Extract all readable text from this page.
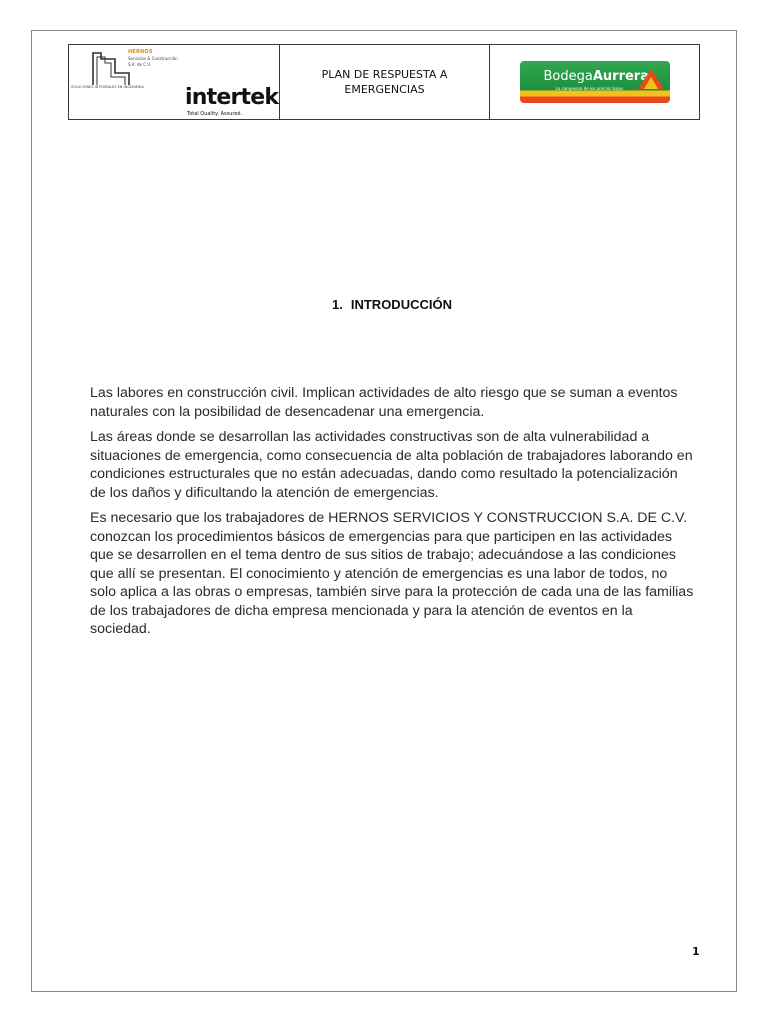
HERNOS
Servicios & Construcción S.A. de C.V.
SOLUCIONES INTEGRALES EN INGENIERIA intertek
Total Quality. Assured.
PLAN DE RESPUESTA A EMERGENCIAS
BodegaAurrera
La campeona de los precios bajos
1. INTRODUCCIÓN

Las labores en construcción civil. Implican actividades de alto riesgo que se suman a eventos naturales con la posibilidad de desencadenar una emergencia.

Las áreas donde se desarrollan las actividades constructivas son de alta vulnerabilidad a situaciones de emergencia, como consecuencia de alta población de trabajadores laborando en condiciones estructurales que no están adecuadas, dando como resultado la potencialización de los daños y dificultando la atención de emergencias.

Es necesario que los trabajadores de HERNOS SERVICIOS Y CONSTRUCCION S.A. DE C.V. conozcan los procedimientos básicos de emergencias para que participen en las actividades que se desarrollen en el tema dentro de sus sitios de trabajo; adecuándose a las condiciones que allí se presentan. El conocimiento y atención de emergencias es una labor de todos, no solo aplica a las obras o empresas, también sirve para la protección de cada una de las familias de los trabajadores de dicha empresa mencionada y para la atención de eventos en la sociedad.

1
